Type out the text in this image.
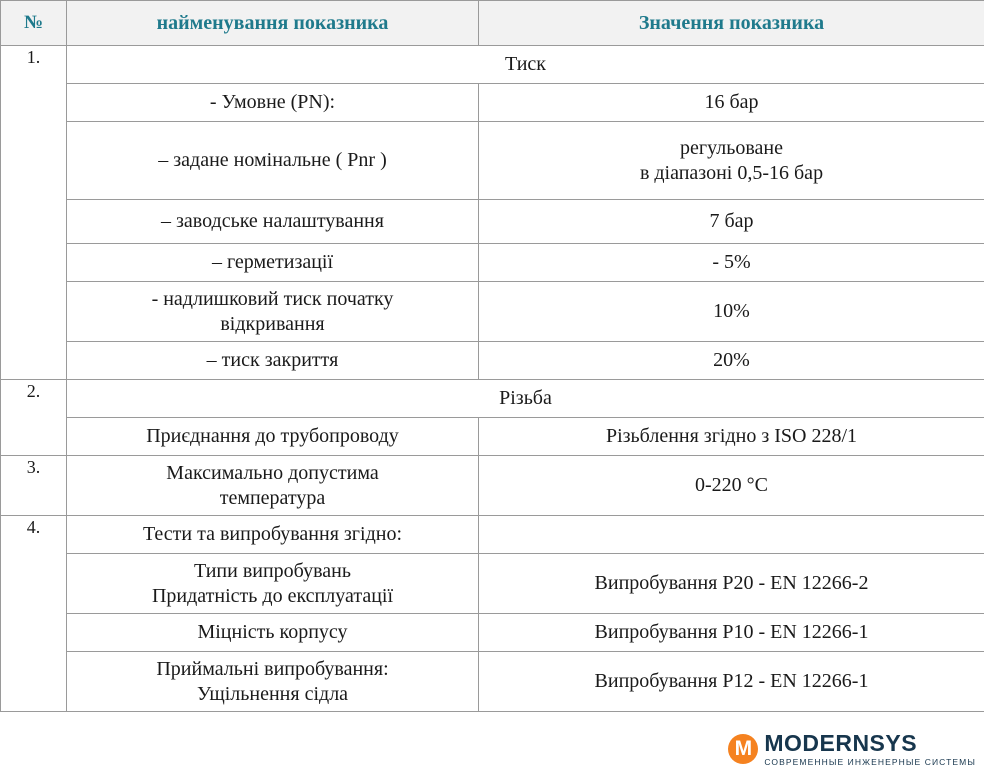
№	найменування показника	Значення показника
1.	Тиск	
	- Умовне (PN):	16 бар
	– задане номінальне ( Pnr )	регульоване
в діапазоні 0,5-16 бар
	– заводське налаштування	7 бар
	– герметизації	- 5%
	- надлишковий тиск початку
відкривання	10%
	– тиск закриття	20%
2.	Різьба	
	Приєднання до трубопроводу	Різьблення згідно з ISO 228/1
3.	Максимально допустима
температура	0-220 °C
4.	Тести та випробування згідно:	
	Типи випробувань
Придатність до експлуатації	Випробування Р20 - EN 12266-2
	Міцність корпусу	Випробування Р10 - EN 12266-1
	Приймальні випробування:
Ущільнення сідла	Випробування Р12 - EN 12266-1
M MODERNSYS
СОВРЕМЕННЫЕ ИНЖЕНЕРНЫЕ СИСТЕМЫ
